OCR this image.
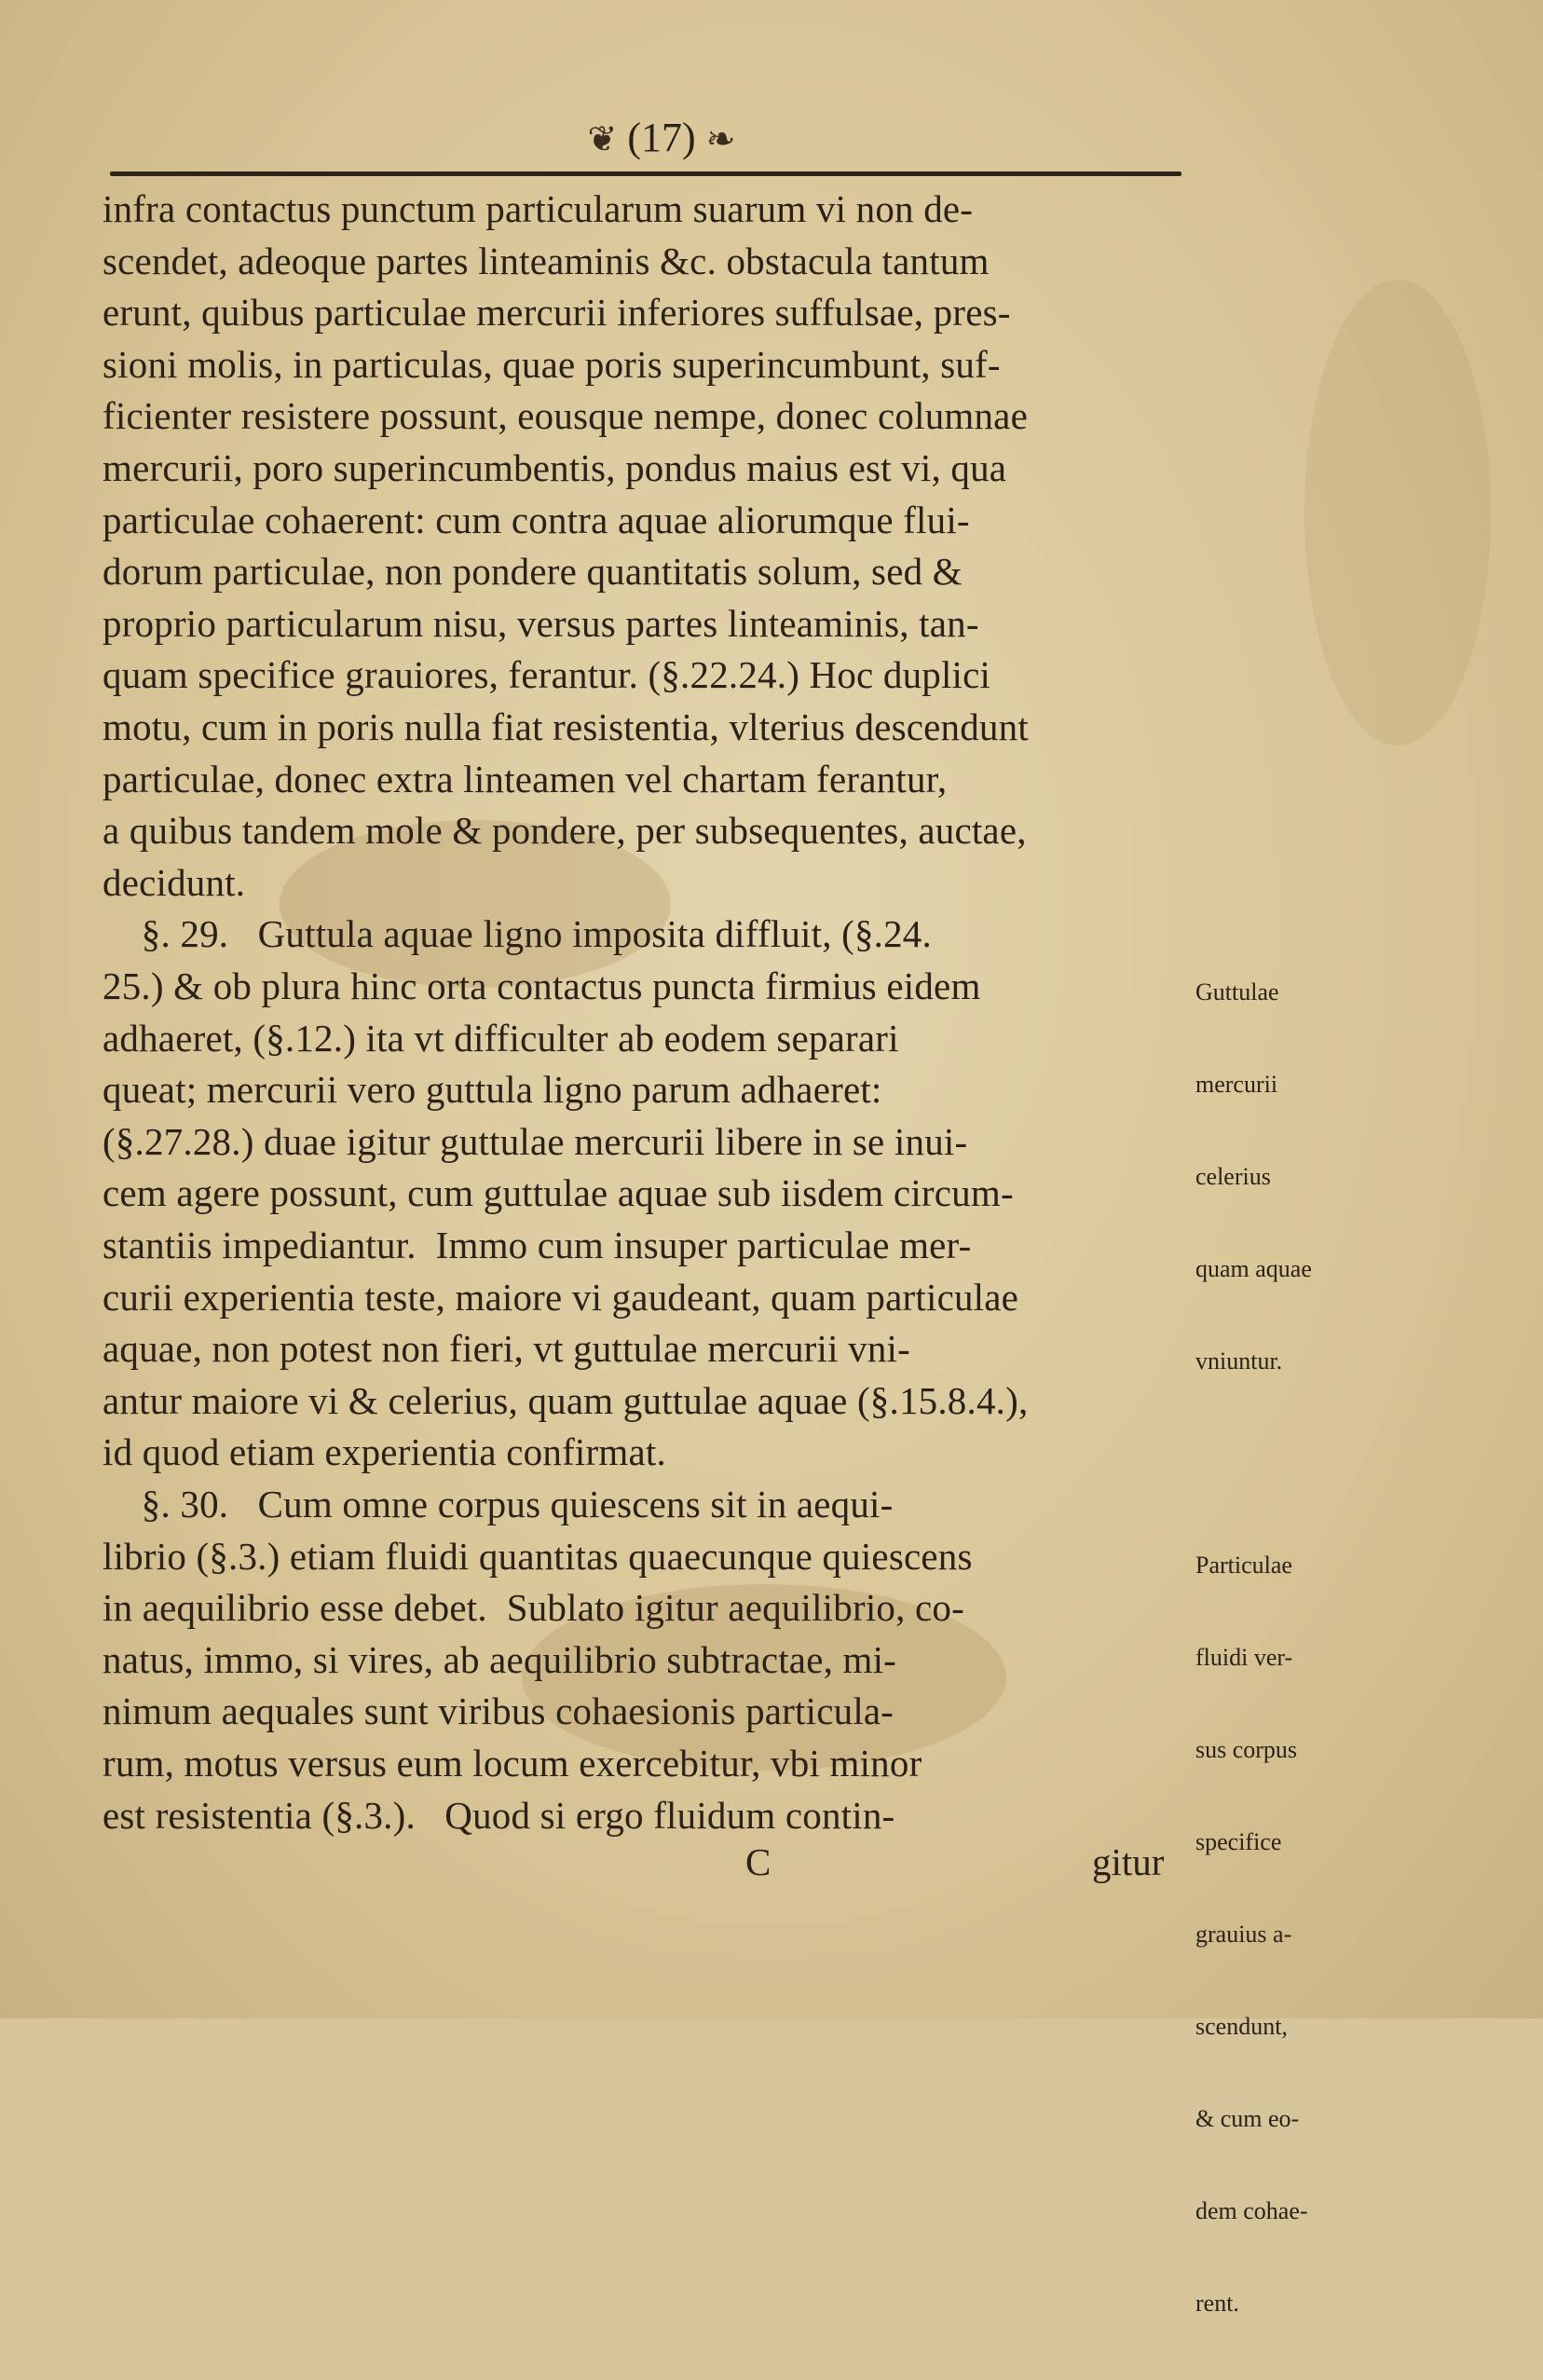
❦ (17) ❧
infra contactus punctum particularum suarum vi non de-
scendet, adeoque partes linteaminis &c. obstacula tantum
erunt, quibus particulae mercurii inferiores suffulsae, pres-
sioni molis, in particulas, quae poris superincumbunt, suf-
ficienter resistere possunt, eousque nempe, donec columnae
mercurii, poro superincumbentis, pondus maius est vi, qua
particulae cohaerent: cum contra aquae aliorumque flui-
dorum particulae, non pondere quantitatis solum, sed &
proprio particularum nisu, versus partes linteaminis, tan-
quam specifice grauiores, ferantur. (§.22.24.) Hoc duplici
motu, cum in poris nulla fiat resistentia, vlterius descendunt
particulae, donec extra linteamen vel chartam ferantur,
a quibus tandem mole & pondere, per subsequentes, auctae,
decidunt.
§. 29.   Guttula aquae ligno imposita diffluit, (§.24.
25.) & ob plura hinc orta contactus puncta firmius eidem
adhaeret, (§.12.) ita vt difficulter ab eodem separari
queat; mercurii vero guttula ligno parum adhaeret:
(§.27.28.) duae igitur guttulae mercurii libere in se inui-
cem agere possunt, cum guttulae aquae sub iisdem circum-
stantiis impediantur.  Immo cum insuper particulae mer-
curii experientia teste, maiore vi gaudeant, quam particulae
aquae, non potest non fieri, vt guttulae mercurii vni-
antur maiore vi & celerius, quam guttulae aquae (§.15.8.4.),
id quod etiam experientia confirmat.
§. 30.   Cum omne corpus quiescens sit in aequi-
librio (§.3.) etiam fluidi quantitas quaecunque quiescens
in aequilibrio esse debet.  Sublato igitur aequilibrio, co-
natus, immo, si vires, ab aequilibrio subtractae, mi-
nimum aequales sunt viribus cohaesionis particula-
rum, motus versus eum locum exercebitur, vbi minor
est resistentia (§.3.).   Quod si ergo fluidum contin-

Guttulae

mercurii

celerius

quam aquae

vniuntur.

Particulae

fluidi ver-

sus corpus

specifice

grauius a-

scendunt,

& cum eo-

dem cohae-

rent.

C	gitur
